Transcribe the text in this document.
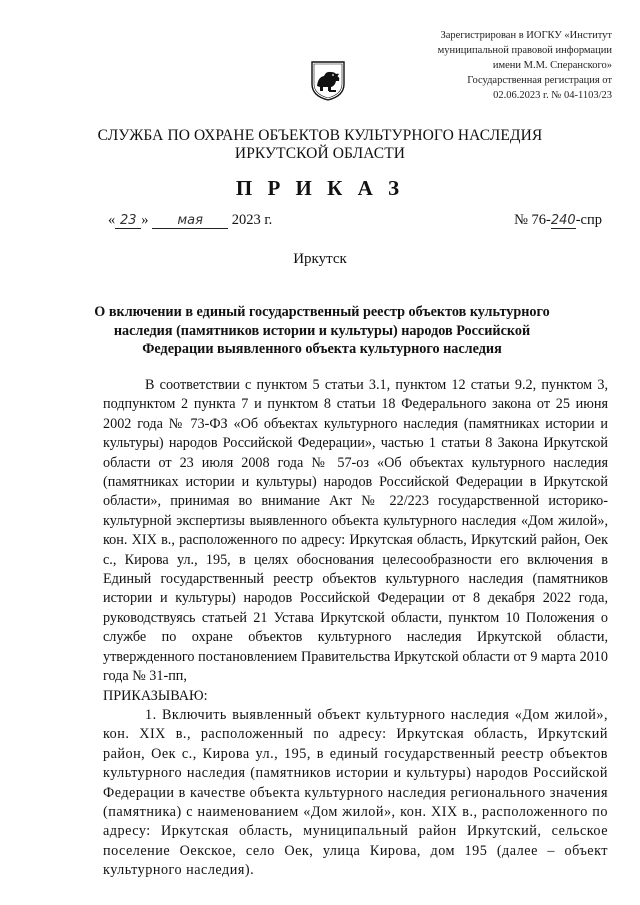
Зарегистрирован в ИОГКУ «Институт
муниципальной правовой информации
имени М.М. Сперанского»
Государственная регистрация от
02.06.2023 г. № 04-1103/23
СЛУЖБА ПО ОХРАНЕ ОБЪЕКТОВ КУЛЬТУРНОГО НАСЛЕДИЯ
ИРКУТСКОЙ ОБЛАСТИ
П Р И К А З
« 23 » мая 2023 г.	№ 76-240-спр
Иркутск
О включении в единый государственный реестр объектов культурного наследия (памятников истории и культуры) народов Российской Федерации выявленного объекта культурного наследия

В соответствии с пунктом 5 статьи 3.1, пунктом 12 статьи 9.2, пунктом 3, подпунктом 2 пункта 7 и пунктом 8 статьи 18 Федерального закона от 25 июня 2002 года № 73-ФЗ «Об объектах культурного наследия (памятниках истории и культуры) народов Российской Федерации», частью 1 статьи 8 Закона Иркутской области от 23 июля 2008 года № 57-оз «Об объектах культурного наследия (памятниках истории и культуры) народов Российской Федерации в Иркутской области», принимая во внимание Акт № 22/223 государственной историко-культурной экспертизы выявленного объекта культурного наследия «Дом жилой», кон. XIX в., расположенного по адресу: Иркутская область, Иркутский район, Оек с., Кирова ул., 195, в целях обоснования целесообразности его включения в Единый государственный реестр объектов культурного наследия (памятников истории и культуры) народов Российской Федерации от 8 декабря 2022 года, руководствуясь статьей 21 Устава Иркутской области, пунктом 10 Положения о службе по охране объектов культурного наследия Иркутской области, утвержденного постановлением Правительства Иркутской области от 9 марта 2010 года № 31-пп,

ПРИКАЗЫВАЮ:

1. Включить выявленный объект культурного наследия «Дом жилой», кон. XIX в., расположенный по адресу: Иркутская область, Иркутский район, Оек с., Кирова ул., 195, в единый государственный реестр объектов культурного наследия (памятников истории и культуры) народов Российской Федерации в качестве объекта культурного наследия регионального значения (памятника) с наименованием «Дом жилой», кон. XIX в., расположенного по адресу: Иркутская область, муниципальный район Иркутский, сельское поселение Оекское, село Оек, улица Кирова, дом 195 (далее – объект культурного наследия).
